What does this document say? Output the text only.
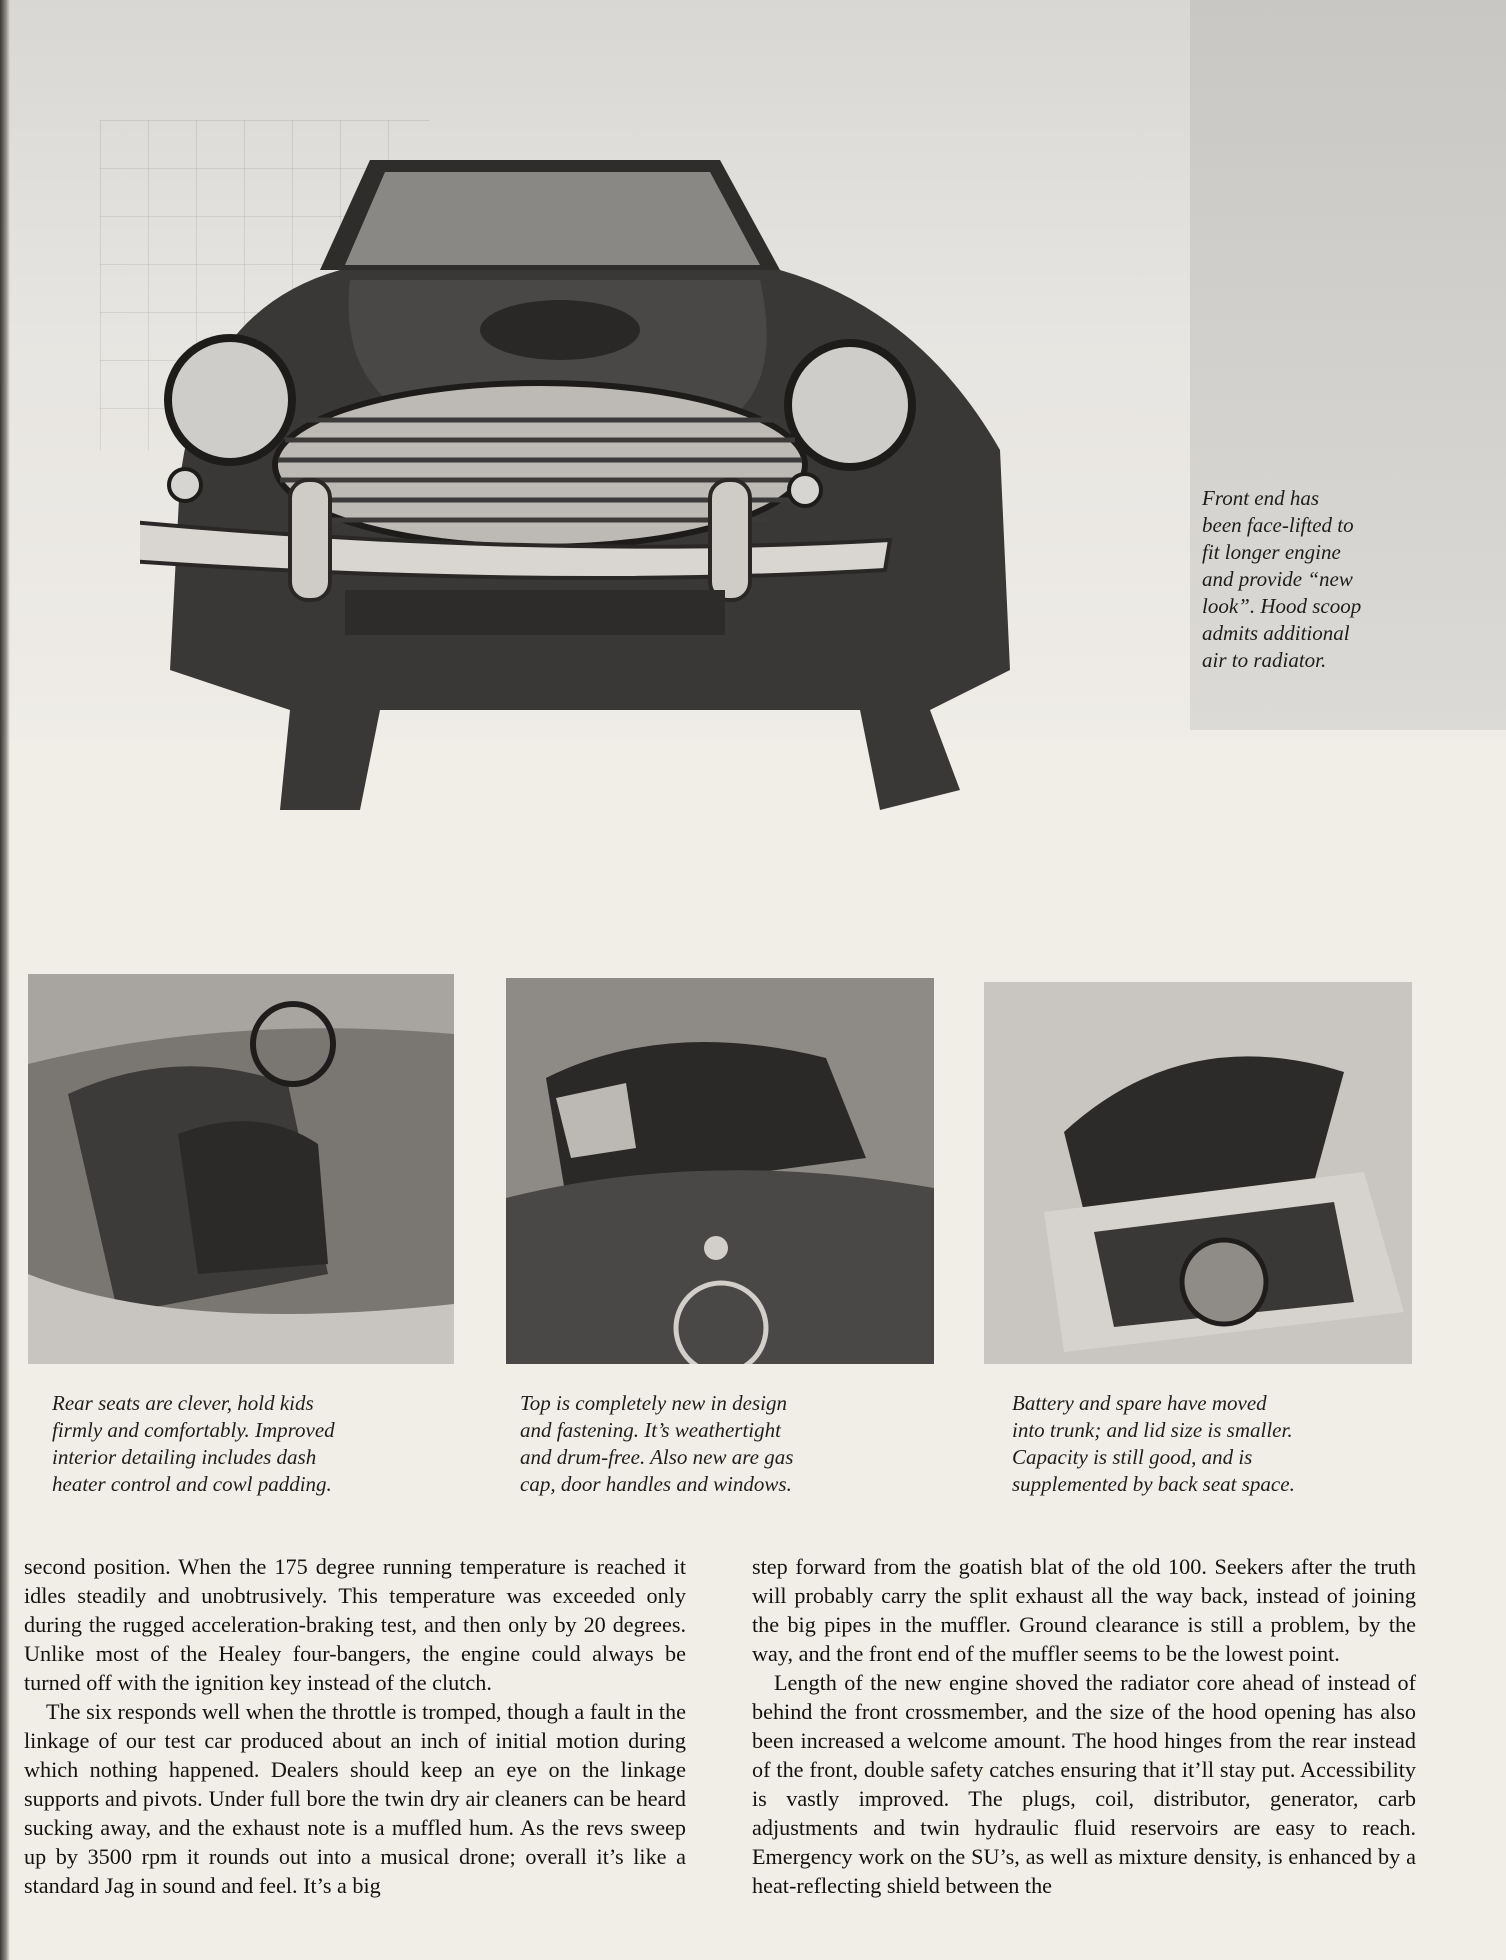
Front end has
been face-lifted to
fit longer engine
and provide “new
look”. Hood scoop
admits additional
air to radiator.

Rear seats are clever, hold kids
firmly and comfortably. Improved
interior detailing includes dash
heater control and cowl padding.

Top is completely new in design
and fastening. It’s weathertight
and drum-free. Also new are gas
cap, door handles and windows.

Battery and spare have moved
into trunk; and lid size is smaller.
Capacity is still good, and is
supplemented by back seat space.

second position. When the 175 degree running temperature is reached it idles steadily and unobtrusively. This temperature was exceeded only during the rugged acceleration-braking test, and then only by 20 degrees. Unlike most of the Healey four-bangers, the engine could always be turned off with the ignition key instead of the clutch.

The six responds well when the throttle is tromped, though a fault in the linkage of our test car produced about an inch of initial motion during which nothing happened. Dealers should keep an eye on the linkage supports and pivots. Under full bore the twin dry air cleaners can be heard sucking away, and the exhaust note is a muffled hum. As the revs sweep up by 3500 rpm it rounds out into a musical drone; overall it’s like a standard Jag in sound and feel. It’s a big

step forward from the goatish blat of the old 100. Seekers after the truth will probably carry the split exhaust all the way back, instead of joining the big pipes in the muffler. Ground clearance is still a problem, by the way, and the front end of the muffler seems to be the lowest point.

Length of the new engine shoved the radiator core ahead of instead of behind the front crossmember, and the size of the hood opening has also been increased a welcome amount. The hood hinges from the rear instead of the front, double safety catches ensuring that it’ll stay put. Accessibility is vastly improved. The plugs, coil, distributor, generator, carb adjustments and twin hydraulic fluid reservoirs are easy to reach. Emergency work on the SU’s, as well as mixture density, is enhanced by a heat-reflecting shield between the
